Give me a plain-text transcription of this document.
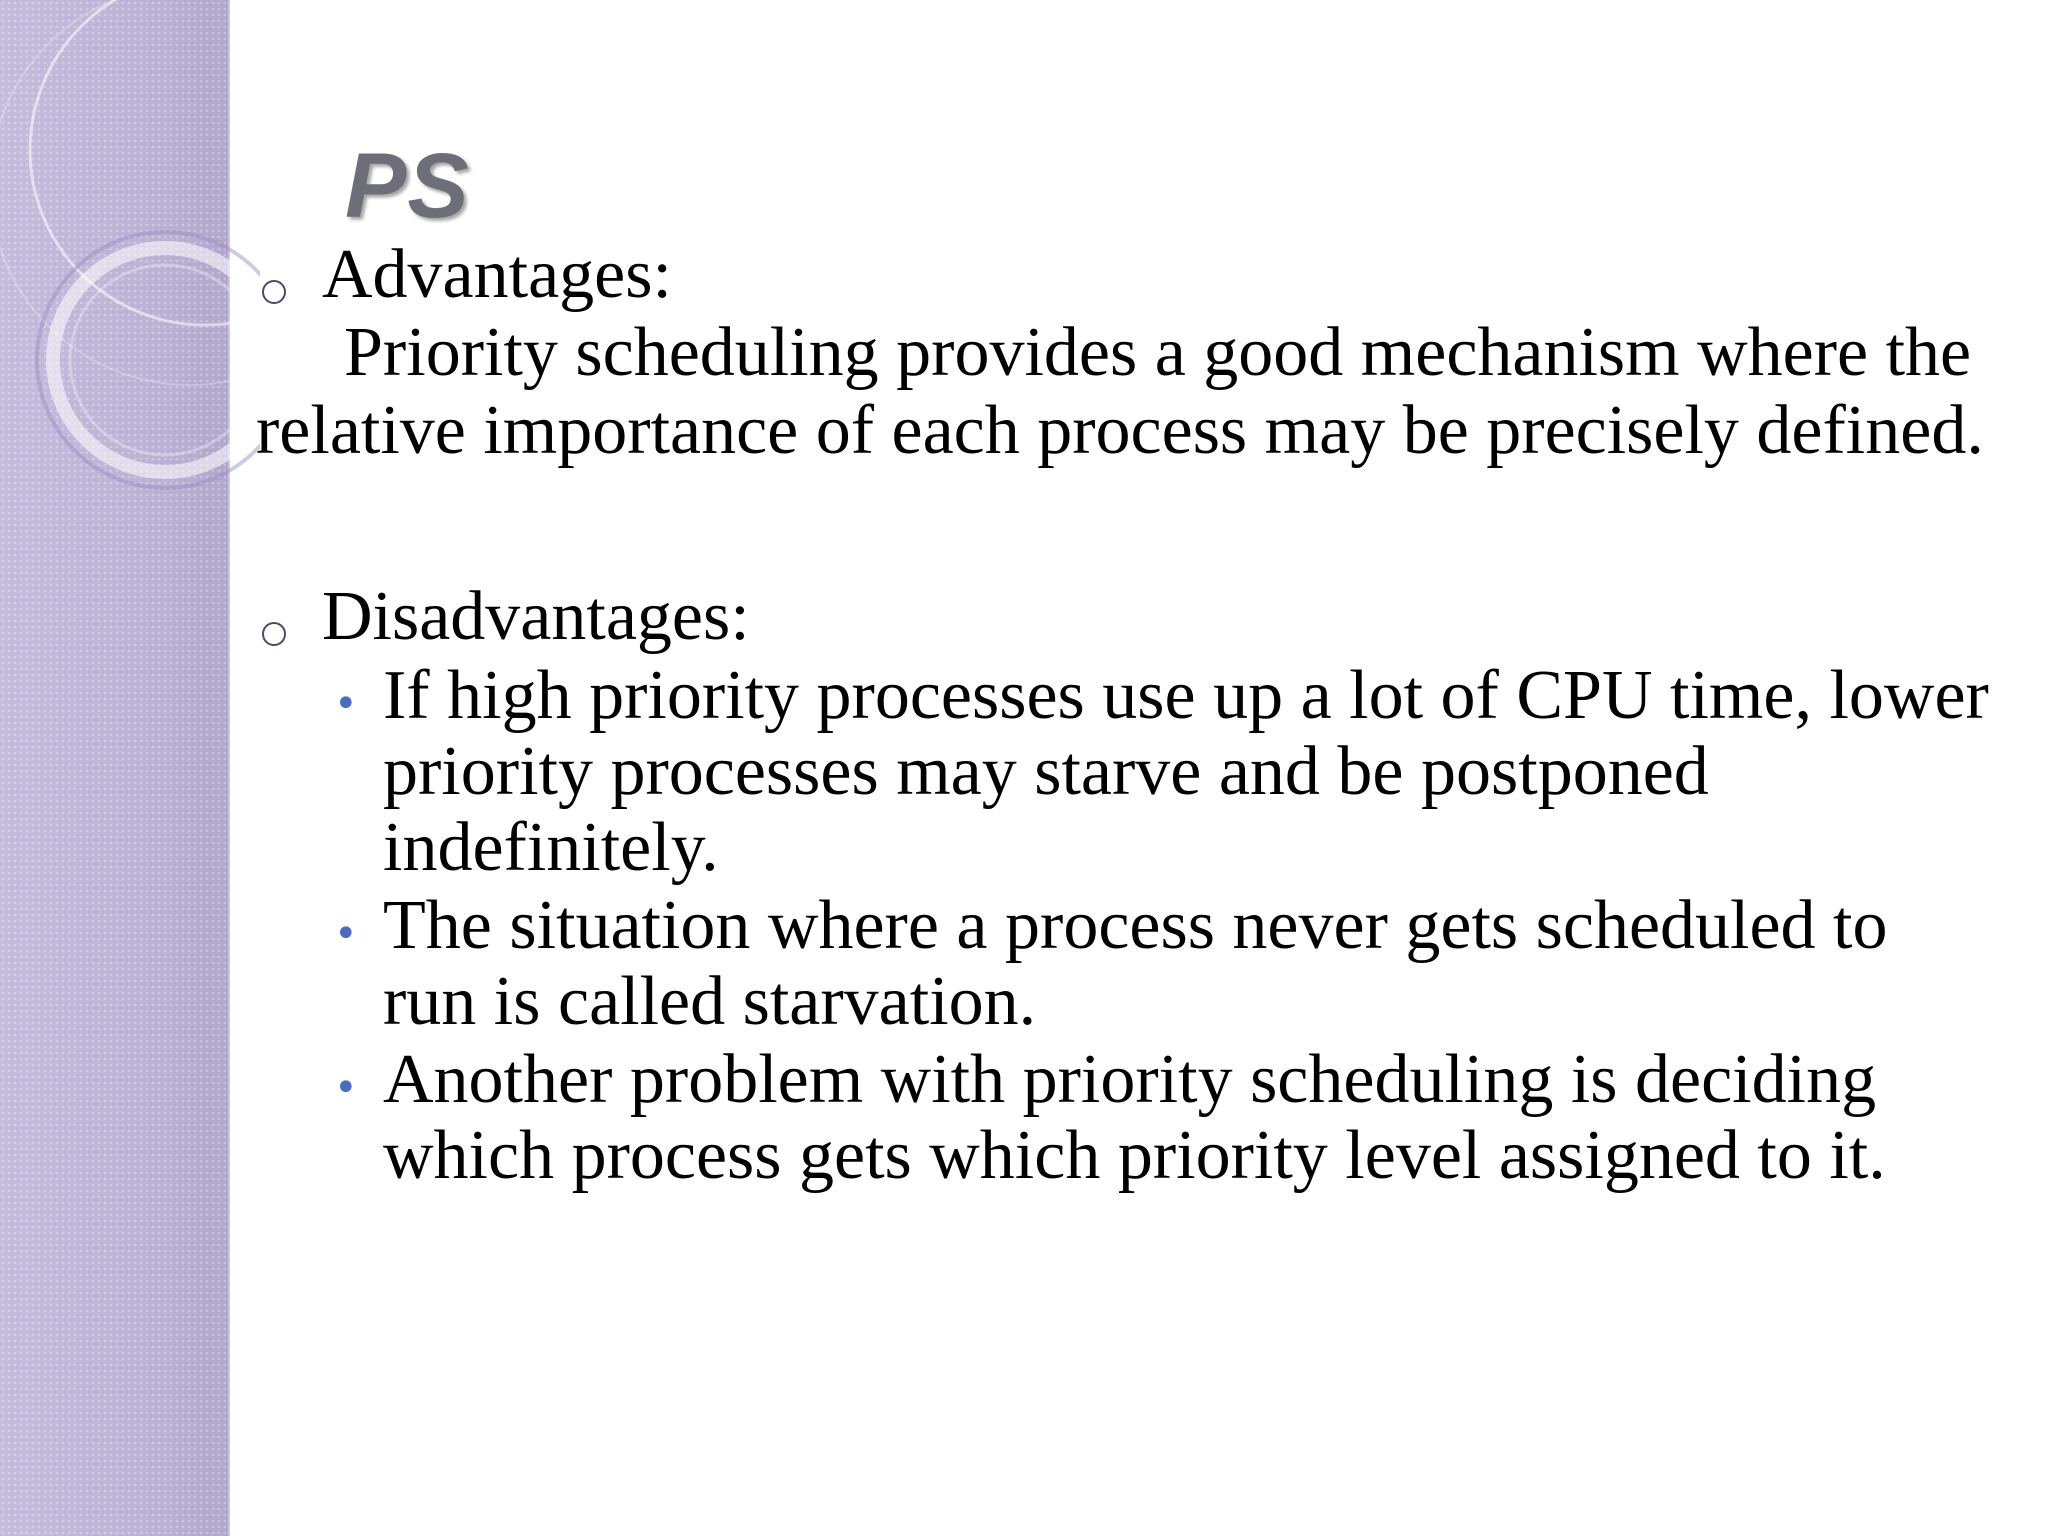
PS
Advantages:

Priority scheduling provides a good mechanism where the relative importance of each process may be precisely defined.

Disadvantages:
• If high priority processes use up a lot of CPU time, lower priority processes may starve and be postponed indefinitely.
• The situation where a process never gets scheduled to run is called starvation.
• Another problem with priority scheduling is deciding which process gets which priority level assigned to it.
